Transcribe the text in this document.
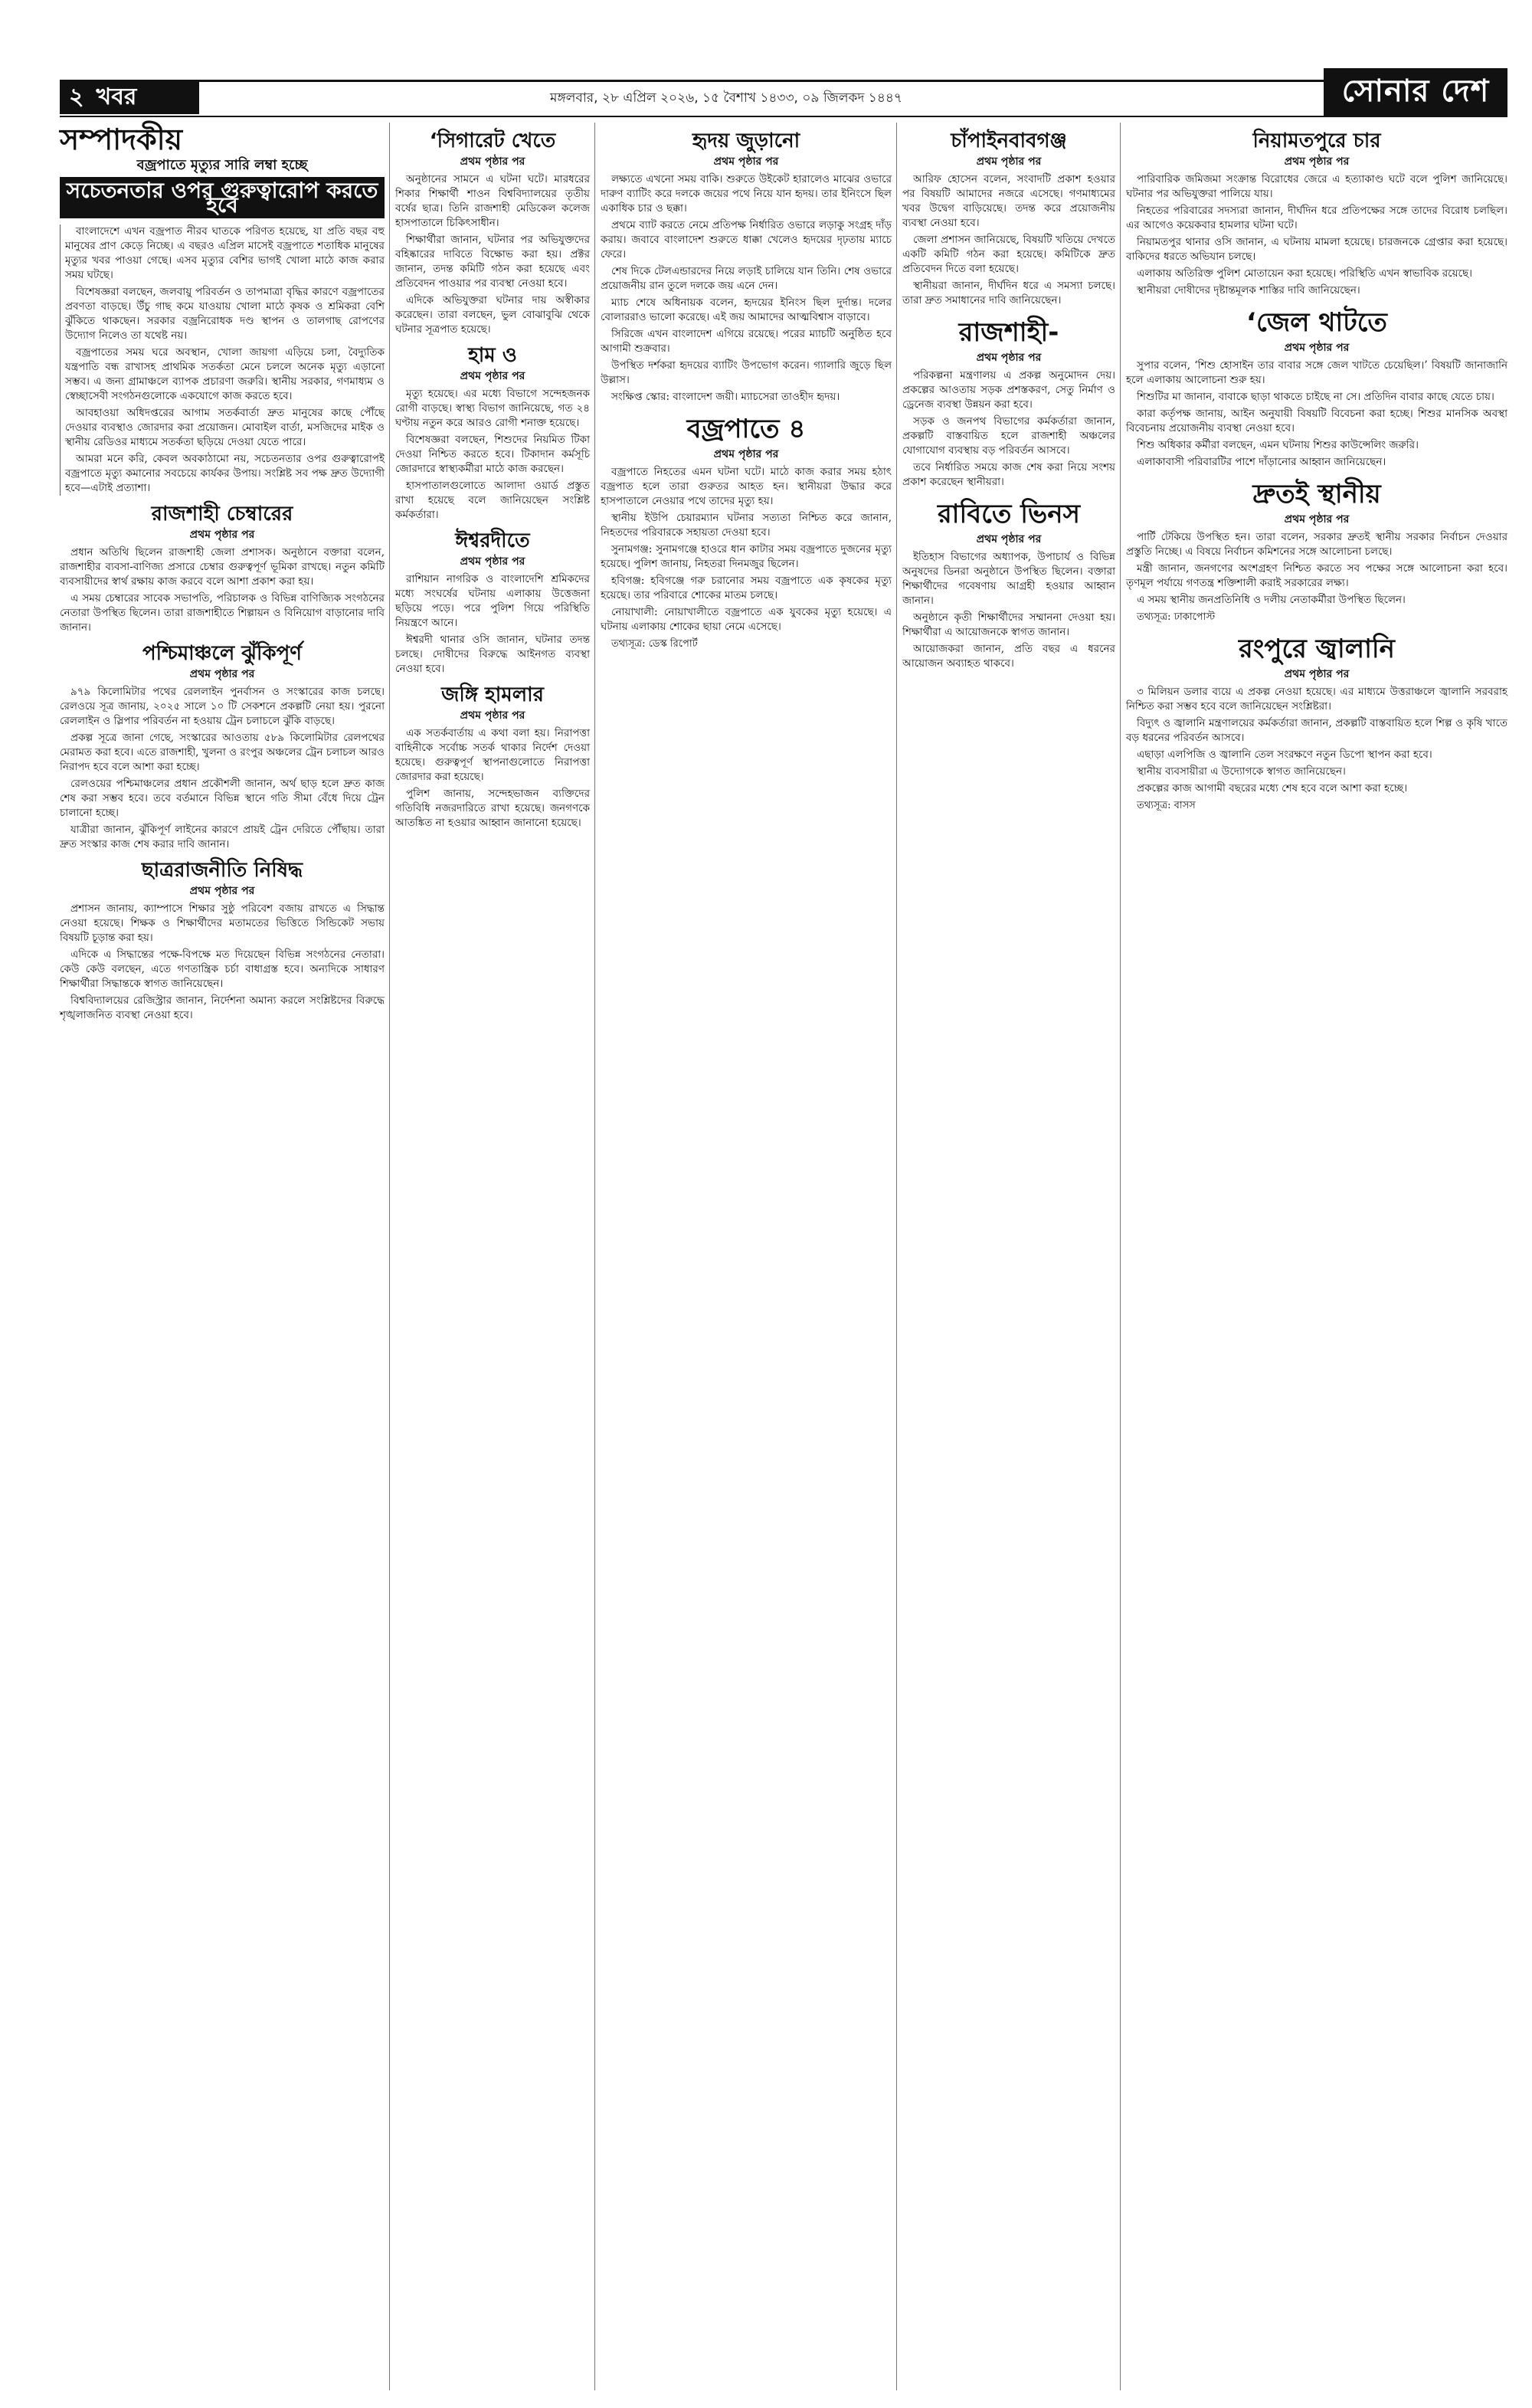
২ খবর	মঙ্গলবার, ২৮ এপ্রিল ২০২৬, ১৫ বৈশাখ ১৪৩৩, ০৯ জিলকদ ১৪৪৭	সোনার দেশ
সম্পাদকীয়
বজ্রপাতে মৃত্যুর সারি লম্বা হচ্ছে
সচেতনতার ওপর গুরুত্বারোপ করতে হবে

বাংলাদেশে এখন বজ্রপাত নীরব ঘাতকে পরিণত হয়েছে, যা প্রতি বছর বহু মানুষের প্রাণ কেড়ে নিচ্ছে। এ বছরও এপ্রিল মাসেই বজ্রপাতে শতাধিক মানুষের মৃত্যুর খবর পাওয়া গেছে। এসব মৃত্যুর বেশির ভাগই খোলা মাঠে কাজ করার সময় ঘটছে।

বিশেষজ্ঞরা বলছেন, জলবায়ু পরিবর্তন ও তাপমাত্রা বৃদ্ধির কারণে বজ্রপাতের প্রবণতা বাড়ছে। উঁচু গাছ কমে যাওয়ায় খোলা মাঠে কৃষক ও শ্রমিকরা বেশি ঝুঁকিতে থাকছেন। সরকার বজ্রনিরোধক দণ্ড স্থাপন ও তালগাছ রোপণের উদ্যোগ নিলেও তা যথেষ্ট নয়।

বজ্রপাতের সময় ঘরে অবস্থান, খোলা জায়গা এড়িয়ে চলা, বৈদ্যুতিক যন্ত্রপাতি বন্ধ রাখাসহ প্রাথমিক সতর্কতা মেনে চললে অনেক মৃত্যু এড়ানো সম্ভব। এ জন্য গ্রামাঞ্চলে ব্যাপক প্রচারণা জরুরি। স্থানীয় সরকার, গণমাধ্যম ও স্বেচ্ছাসেবী সংগঠনগুলোকে একযোগে কাজ করতে হবে।

আবহাওয়া অধিদপ্তরের আগাম সতর্কবার্তা দ্রুত মানুষের কাছে পৌঁছে দেওয়ার ব্যবস্থাও জোরদার করা প্রয়োজন। মোবাইল বার্তা, মসজিদের মাইক ও স্থানীয় রেডিওর মাধ্যমে সতর্কতা ছড়িয়ে দেওয়া যেতে পারে।

আমরা মনে করি, কেবল অবকাঠামো নয়, সচেতনতার ওপর গুরুত্বারোপই বজ্রপাতে মৃত্যু কমানোর সবচেয়ে কার্যকর উপায়। সংশ্লিষ্ট সব পক্ষ দ্রুত উদ্যোগী হবে—এটাই প্রত্যাশা।

রাজশাহী চেম্বারের
প্রথম পৃষ্ঠার পর

প্রধান অতিথি ছিলেন রাজশাহী জেলা প্রশাসক। অনুষ্ঠানে বক্তারা বলেন, রাজশাহীর ব্যবসা-বাণিজ্য প্রসারে চেম্বার গুরুত্বপূর্ণ ভূমিকা রাখছে। নতুন কমিটি ব্যবসায়ীদের স্বার্থ রক্ষায় কাজ করবে বলে আশা প্রকাশ করা হয়।

এ সময় চেম্বারের সাবেক সভাপতি, পরিচালক ও বিভিন্ন বাণিজ্যিক সংগঠনের নেতারা উপস্থিত ছিলেন। তারা রাজশাহীতে শিল্পায়ন ও বিনিয়োগ বাড়ানোর দাবি জানান।

পশ্চিমাঞ্চলে ঝুঁকিপূর্ণ
প্রথম পৃষ্ঠার পর

৯৭৯ কিলোমিটার পথের রেললাইন পুনর্বাসন ও সংস্কারের কাজ চলছে। রেলওয়ে সূত্র জানায়, ২০২৫ সালে ১০ টি সেকশনে প্রকল্পটি নেয়া হয়। পুরনো রেললাইন ও স্লিপার পরিবর্তন না হওয়ায় ট্রেন চলাচলে ঝুঁকি বাড়ছে।

প্রকল্প সূত্রে জানা গেছে, সংস্কারের আওতায় ৫৮৯ কিলোমিটার রেলপথের মেরামত করা হবে। এতে রাজশাহী, খুলনা ও রংপুর অঞ্চলের ট্রেন চলাচল আরও নিরাপদ হবে বলে আশা করা হচ্ছে।

রেলওয়ের পশ্চিমাঞ্চলের প্রধান প্রকৌশলী জানান, অর্থ ছাড় হলে দ্রুত কাজ শেষ করা সম্ভব হবে। তবে বর্তমানে বিভিন্ন স্থানে গতি সীমা বেঁধে দিয়ে ট্রেন চালানো হচ্ছে।

যাত্রীরা জানান, ঝুঁকিপূর্ণ লাইনের কারণে প্রায়ই ট্রেন দেরিতে পৌঁছায়। তারা দ্রুত সংস্কার কাজ শেষ করার দাবি জানান।

ছাত্ররাজনীতি নিষিদ্ধ
প্রথম পৃষ্ঠার পর

প্রশাসন জানায়, ক্যাম্পাসে শিক্ষার সুষ্ঠু পরিবেশ বজায় রাখতে এ সিদ্ধান্ত নেওয়া হয়েছে। শিক্ষক ও শিক্ষার্থীদের মতামতের ভিত্তিতে সিন্ডিকেট সভায় বিষয়টি চূড়ান্ত করা হয়।

এদিকে এ সিদ্ধান্তের পক্ষে-বিপক্ষে মত দিয়েছেন বিভিন্ন সংগঠনের নেতারা। কেউ কেউ বলছেন, এতে গণতান্ত্রিক চর্চা বাধাগ্রস্ত হবে। অন্যদিকে সাধারণ শিক্ষার্থীরা সিদ্ধান্তকে স্বাগত জানিয়েছেন।

বিশ্ববিদ্যালয়ের রেজিস্ট্রার জানান, নির্দেশনা অমান্য করলে সংশ্লিষ্টদের বিরুদ্ধে শৃঙ্খলাজনিত ব্যবস্থা নেওয়া হবে।

‘সিগারেট খেতে
প্রথম পৃষ্ঠার পর

অনুষ্ঠানের সামনে এ ঘটনা ঘটে। মারধরের শিকার শিক্ষার্থী শাওন বিশ্ববিদ্যালয়ের তৃতীয় বর্ষের ছাত্র। তিনি রাজশাহী মেডিকেল কলেজ হাসপাতালে চিকিৎসাধীন।

শিক্ষার্থীরা জানান, ঘটনার পর অভিযুক্তদের বহিষ্কারের দাবিতে বিক্ষোভ করা হয়। প্রক্টর জানান, তদন্ত কমিটি গঠন করা হয়েছে এবং প্রতিবেদন পাওয়ার পর ব্যবস্থা নেওয়া হবে।

এদিকে অভিযুক্তরা ঘটনার দায় অস্বীকার করেছেন। তারা বলছেন, ভুল বোঝাবুঝি থেকে ঘটনার সূত্রপাত হয়েছে।

হাম ও
প্রথম পৃষ্ঠার পর

মৃত্যু হয়েছে। এর মধ্যে বিভাগে সন্দেহজনক রোগী বাড়ছে। স্বাস্থ্য বিভাগ জানিয়েছে, গত ২৪ ঘণ্টায় নতুন করে আরও রোগী শনাক্ত হয়েছে।

বিশেষজ্ঞরা বলছেন, শিশুদের নিয়মিত টিকা দেওয়া নিশ্চিত করতে হবে। টিকাদান কর্মসূচি জোরদারে স্বাস্থ্যকর্মীরা মাঠে কাজ করছেন।

হাসপাতালগুলোতে আলাদা ওয়ার্ড প্রস্তুত রাখা হয়েছে বলে জানিয়েছেন সংশ্লিষ্ট কর্মকর্তারা।

ঈশ্বরদীতে
প্রথম পৃষ্ঠার পর

রাশিয়ান নাগরিক ও বাংলাদেশি শ্রমিকদের মধ্যে সংঘর্ষের ঘটনায় এলাকায় উত্তেজনা ছড়িয়ে পড়ে। পরে পুলিশ গিয়ে পরিস্থিতি নিয়ন্ত্রণে আনে।

ঈশ্বরদী থানার ওসি জানান, ঘটনার তদন্ত চলছে। দোষীদের বিরুদ্ধে আইনগত ব্যবস্থা নেওয়া হবে।

জঙ্গি হামলার
প্রথম পৃষ্ঠার পর

এক সতর্কবার্তায় এ কথা বলা হয়। নিরাপত্তা বাহিনীকে সর্বোচ্চ সতর্ক থাকার নির্দেশ দেওয়া হয়েছে। গুরুত্বপূর্ণ স্থাপনাগুলোতে নিরাপত্তা জোরদার করা হয়েছে।

পুলিশ জানায়, সন্দেহভাজন ব্যক্তিদের গতিবিধি নজরদারিতে রাখা হয়েছে। জনগণকে আতঙ্কিত না হওয়ার আহ্বান জানানো হয়েছে।

হৃদয় জুড়ানো
প্রথম পৃষ্ঠার পর

লক্ষ্যতে এখনো সময় বাকি। শুরুতে উইকেট হারালেও মাঝের ওভারে দারুণ ব্যাটিং করে দলকে জয়ের পথে নিয়ে যান হৃদয়। তার ইনিংসে ছিল একাধিক চার ও ছক্কা।

প্রথমে ব্যাট করতে নেমে প্রতিপক্ষ নির্ধারিত ওভারে লড়াকু সংগ্রহ দাঁড় করায়। জবাবে বাংলাদেশ শুরুতে ধাক্কা খেলেও হৃদয়ের দৃঢ়তায় ম্যাচে ফেরে।

শেষ দিকে টেলএন্ডারদের নিয়ে লড়াই চালিয়ে যান তিনি। শেষ ওভারে প্রয়োজনীয় রান তুলে দলকে জয় এনে দেন।

ম্যাচ শেষে অধিনায়ক বলেন, হৃদয়ের ইনিংস ছিল দুর্দান্ত। দলের বোলাররাও ভালো করেছে। এই জয় আমাদের আত্মবিশ্বাস বাড়াবে।

সিরিজে এখন বাংলাদেশ এগিয়ে রয়েছে। পরের ম্যাচটি অনুষ্ঠিত হবে আগামী শুক্রবার।

উপস্থিত দর্শকরা হৃদয়ের ব্যাটিং উপভোগ করেন। গ্যালারি জুড়ে ছিল উল্লাস।

সংক্ষিপ্ত স্কোর: বাংলাদেশ জয়ী। ম্যাচসেরা তাওহীদ হৃদয়।

বজ্রপাতে ৪
প্রথম পৃষ্ঠার পর

বজ্রপাতে নিহতের এমন ঘটনা ঘটে। মাঠে কাজ করার সময় হঠাৎ বজ্রপাত হলে তারা গুরুতর আহত হন। স্থানীয়রা উদ্ধার করে হাসপাতালে নেওয়ার পথে তাদের মৃত্যু হয়।

স্থানীয় ইউপি চেয়ারম্যান ঘটনার সত্যতা নিশ্চিত করে জানান, নিহতদের পরিবারকে সহায়তা দেওয়া হবে।

সুনামগঞ্জ: সুনামগঞ্জে হাওরে ধান কাটার সময় বজ্রপাতে দুজনের মৃত্যু হয়েছে। পুলিশ জানায়, নিহতরা দিনমজুর ছিলেন।

হবিগঞ্জ: হবিগঞ্জে গরু চরানোর সময় বজ্রপাতে এক কৃষকের মৃত্যু হয়েছে। তার পরিবারে শোকের মাতম চলছে।

নোয়াখালী: নোয়াখালীতে বজ্রপাতে এক যুবকের মৃত্যু হয়েছে। এ ঘটনায় এলাকায় শোকের ছায়া নেমে এসেছে।

তথ্যসূত্র: ডেস্ক রিপোর্ট

চাঁপাইনবাবগঞ্জ
প্রথম পৃষ্ঠার পর

আরিফ হোসেন বলেন, সংবাদটি প্রকাশ হওয়ার পর বিষয়টি আমাদের নজরে এসেছে। গণমাধ্যমের খবর উদ্বেগ বাড়িয়েছে। তদন্ত করে প্রয়োজনীয় ব্যবস্থা নেওয়া হবে।

জেলা প্রশাসন জানিয়েছে, বিষয়টি খতিয়ে দেখতে একটি কমিটি গঠন করা হয়েছে। কমিটিকে দ্রুত প্রতিবেদন দিতে বলা হয়েছে।

স্থানীয়রা জানান, দীর্ঘদিন ধরে এ সমস্যা চলছে। তারা দ্রুত সমাধানের দাবি জানিয়েছেন।

রাজশাহী-
প্রথম পৃষ্ঠার পর

পরিকল্পনা মন্ত্রণালয় এ প্রকল্প অনুমোদন দেয়। প্রকল্পের আওতায় সড়ক প্রশস্তকরণ, সেতু নির্মাণ ও ড্রেনেজ ব্যবস্থা উন্নয়ন করা হবে।

সড়ক ও জনপথ বিভাগের কর্মকর্তারা জানান, প্রকল্পটি বাস্তবায়িত হলে রাজশাহী অঞ্চলের যোগাযোগ ব্যবস্থায় বড় পরিবর্তন আসবে।

তবে নির্ধারিত সময়ে কাজ শেষ করা নিয়ে সংশয় প্রকাশ করেছেন স্থানীয়রা।

রাবিতে ভিনস
প্রথম পৃষ্ঠার পর

ইতিহাস বিভাগের অধ্যাপক, উপাচার্য ও বিভিন্ন অনুষদের ডিনরা অনুষ্ঠানে উপস্থিত ছিলেন। বক্তারা শিক্ষার্থীদের গবেষণায় আগ্রহী হওয়ার আহ্বান জানান।

অনুষ্ঠানে কৃতী শিক্ষার্থীদের সম্মাননা দেওয়া হয়। শিক্ষার্থীরা এ আয়োজনকে স্বাগত জানান।

আয়োজকরা জানান, প্রতি বছর এ ধরনের আয়োজন অব্যাহত থাকবে।

নিয়ামতপুরে চার
প্রথম পৃষ্ঠার পর

পারিবারিক জমিজমা সংক্রান্ত বিরোধের জেরে এ হত্যাকাণ্ড ঘটে বলে পুলিশ জানিয়েছে। ঘটনার পর অভিযুক্তরা পালিয়ে যায়।

নিহতের পরিবারের সদস্যরা জানান, দীর্ঘদিন ধরে প্রতিপক্ষের সঙ্গে তাদের বিরোধ চলছিল। এর আগেও কয়েকবার হামলার ঘটনা ঘটে।

নিয়ামতপুর থানার ওসি জানান, এ ঘটনায় মামলা হয়েছে। চারজনকে গ্রেপ্তার করা হয়েছে। বাকিদের ধরতে অভিযান চলছে।

এলাকায় অতিরিক্ত পুলিশ মোতায়েন করা হয়েছে। পরিস্থিতি এখন স্বাভাবিক রয়েছে।

স্থানীয়রা দোষীদের দৃষ্টান্তমূলক শাস্তির দাবি জানিয়েছেন।

‘জেল থাটতে
প্রথম পৃষ্ঠার পর

সুপার বলেন, ‘শিশু হোসাইন তার বাবার সঙ্গে জেল খাটতে চেয়েছিল।’ বিষয়টি জানাজানি হলে এলাকায় আলোচনা শুরু হয়।

শিশুটির মা জানান, বাবাকে ছাড়া থাকতে চাইছে না সে। প্রতিদিন বাবার কাছে যেতে চায়।

কারা কর্তৃপক্ষ জানায়, আইন অনুযায়ী বিষয়টি বিবেচনা করা হচ্ছে। শিশুর মানসিক অবস্থা বিবেচনায় প্রয়োজনীয় ব্যবস্থা নেওয়া হবে।

শিশু অধিকার কর্মীরা বলছেন, এমন ঘটনায় শিশুর কাউন্সেলিং জরুরি।

এলাকাবাসী পরিবারটির পাশে দাঁড়ানোর আহ্বান জানিয়েছেন।

দ্রুতই স্থানীয়
প্রথম পৃষ্ঠার পর

পার্টি টেকিয়ে উপস্থিত হন। তারা বলেন, সরকার দ্রুতই স্থানীয় সরকার নির্বাচন দেওয়ার প্রস্তুতি নিচ্ছে। এ বিষয়ে নির্বাচন কমিশনের সঙ্গে আলোচনা চলছে।

মন্ত্রী জানান, জনগণের অংশগ্রহণ নিশ্চিত করতে সব পক্ষের সঙ্গে আলোচনা করা হবে। তৃণমূল পর্যায়ে গণতন্ত্র শক্তিশালী করাই সরকারের লক্ষ্য।

এ সময় স্থানীয় জনপ্রতিনিধি ও দলীয় নেতাকর্মীরা উপস্থিত ছিলেন।

তথ্যসূত্র: ঢাকাপোস্ট

রংপুরে জ্বালানি
প্রথম পৃষ্ঠার পর

৩ মিলিয়ন ডলার ব্যয়ে এ প্রকল্প নেওয়া হয়েছে। এর মাধ্যমে উত্তরাঞ্চলে জ্বালানি সরবরাহ নিশ্চিত করা সম্ভব হবে বলে জানিয়েছেন সংশ্লিষ্টরা।

বিদ্যুৎ ও জ্বালানি মন্ত্রণালয়ের কর্মকর্তারা জানান, প্রকল্পটি বাস্তবায়িত হলে শিল্প ও কৃষি খাতে বড় ধরনের পরিবর্তন আসবে।

এছাড়া এলপিজি ও জ্বালানি তেল সংরক্ষণে নতুন ডিপো স্থাপন করা হবে।

স্থানীয় ব্যবসায়ীরা এ উদ্যোগকে স্বাগত জানিয়েছেন।

প্রকল্পের কাজ আগামী বছরের মধ্যে শেষ হবে বলে আশা করা হচ্ছে।

তথ্যসূত্র: বাসস
